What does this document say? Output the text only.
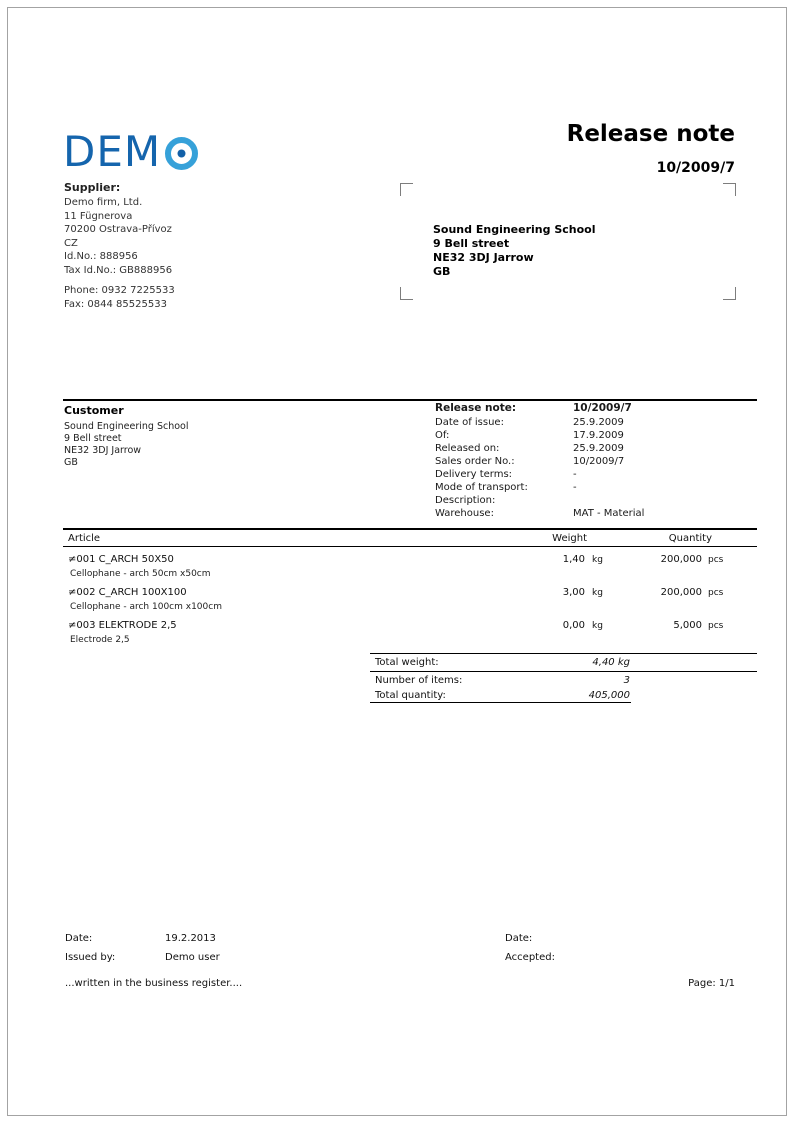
DEM	Release note
10/2009/7
Supplier:
Demo firm, Ltd.
11 Fügnerova
70200 Ostrava-Přívoz
CZ
Id.No.: 888956
Tax Id.No.: GB888956
Phone: 0932 7225533
Fax: 0844 85525533
Sound Engineering School
9 Bell street
NE32 3DJ Jarrow
GB
Customer
Sound Engineering School
9 Bell street
NE32 3DJ Jarrow
GB
Release note:	10/2009/7
Date of issue:	25.9.2009
Of:	17.9.2009
Released on:	25.9.2009
Sales order No.:	10/2009/7
Delivery terms:	-
Mode of transport:	-
Description:
Warehouse:	MAT - Material
Article	Weight	Quantity
≠001 C_ARCH 50X50	1,40 kg	200,000 pcs
Cellophane - arch 50cm x50cm
≠002 C_ARCH 100X100	3,00 kg	200,000 pcs
Cellophane - arch 100cm x100cm
≠003 ELEKTRODE 2,5	0,00 kg	5,000 pcs
Electrode 2,5
Total weight:	4,40 kg
Number of items:	3
Total quantity:	405,000
Date:	19.2.2013	Date:
Issued by:	Demo user	Accepted:
...written in the business register....	Page: 1/1
